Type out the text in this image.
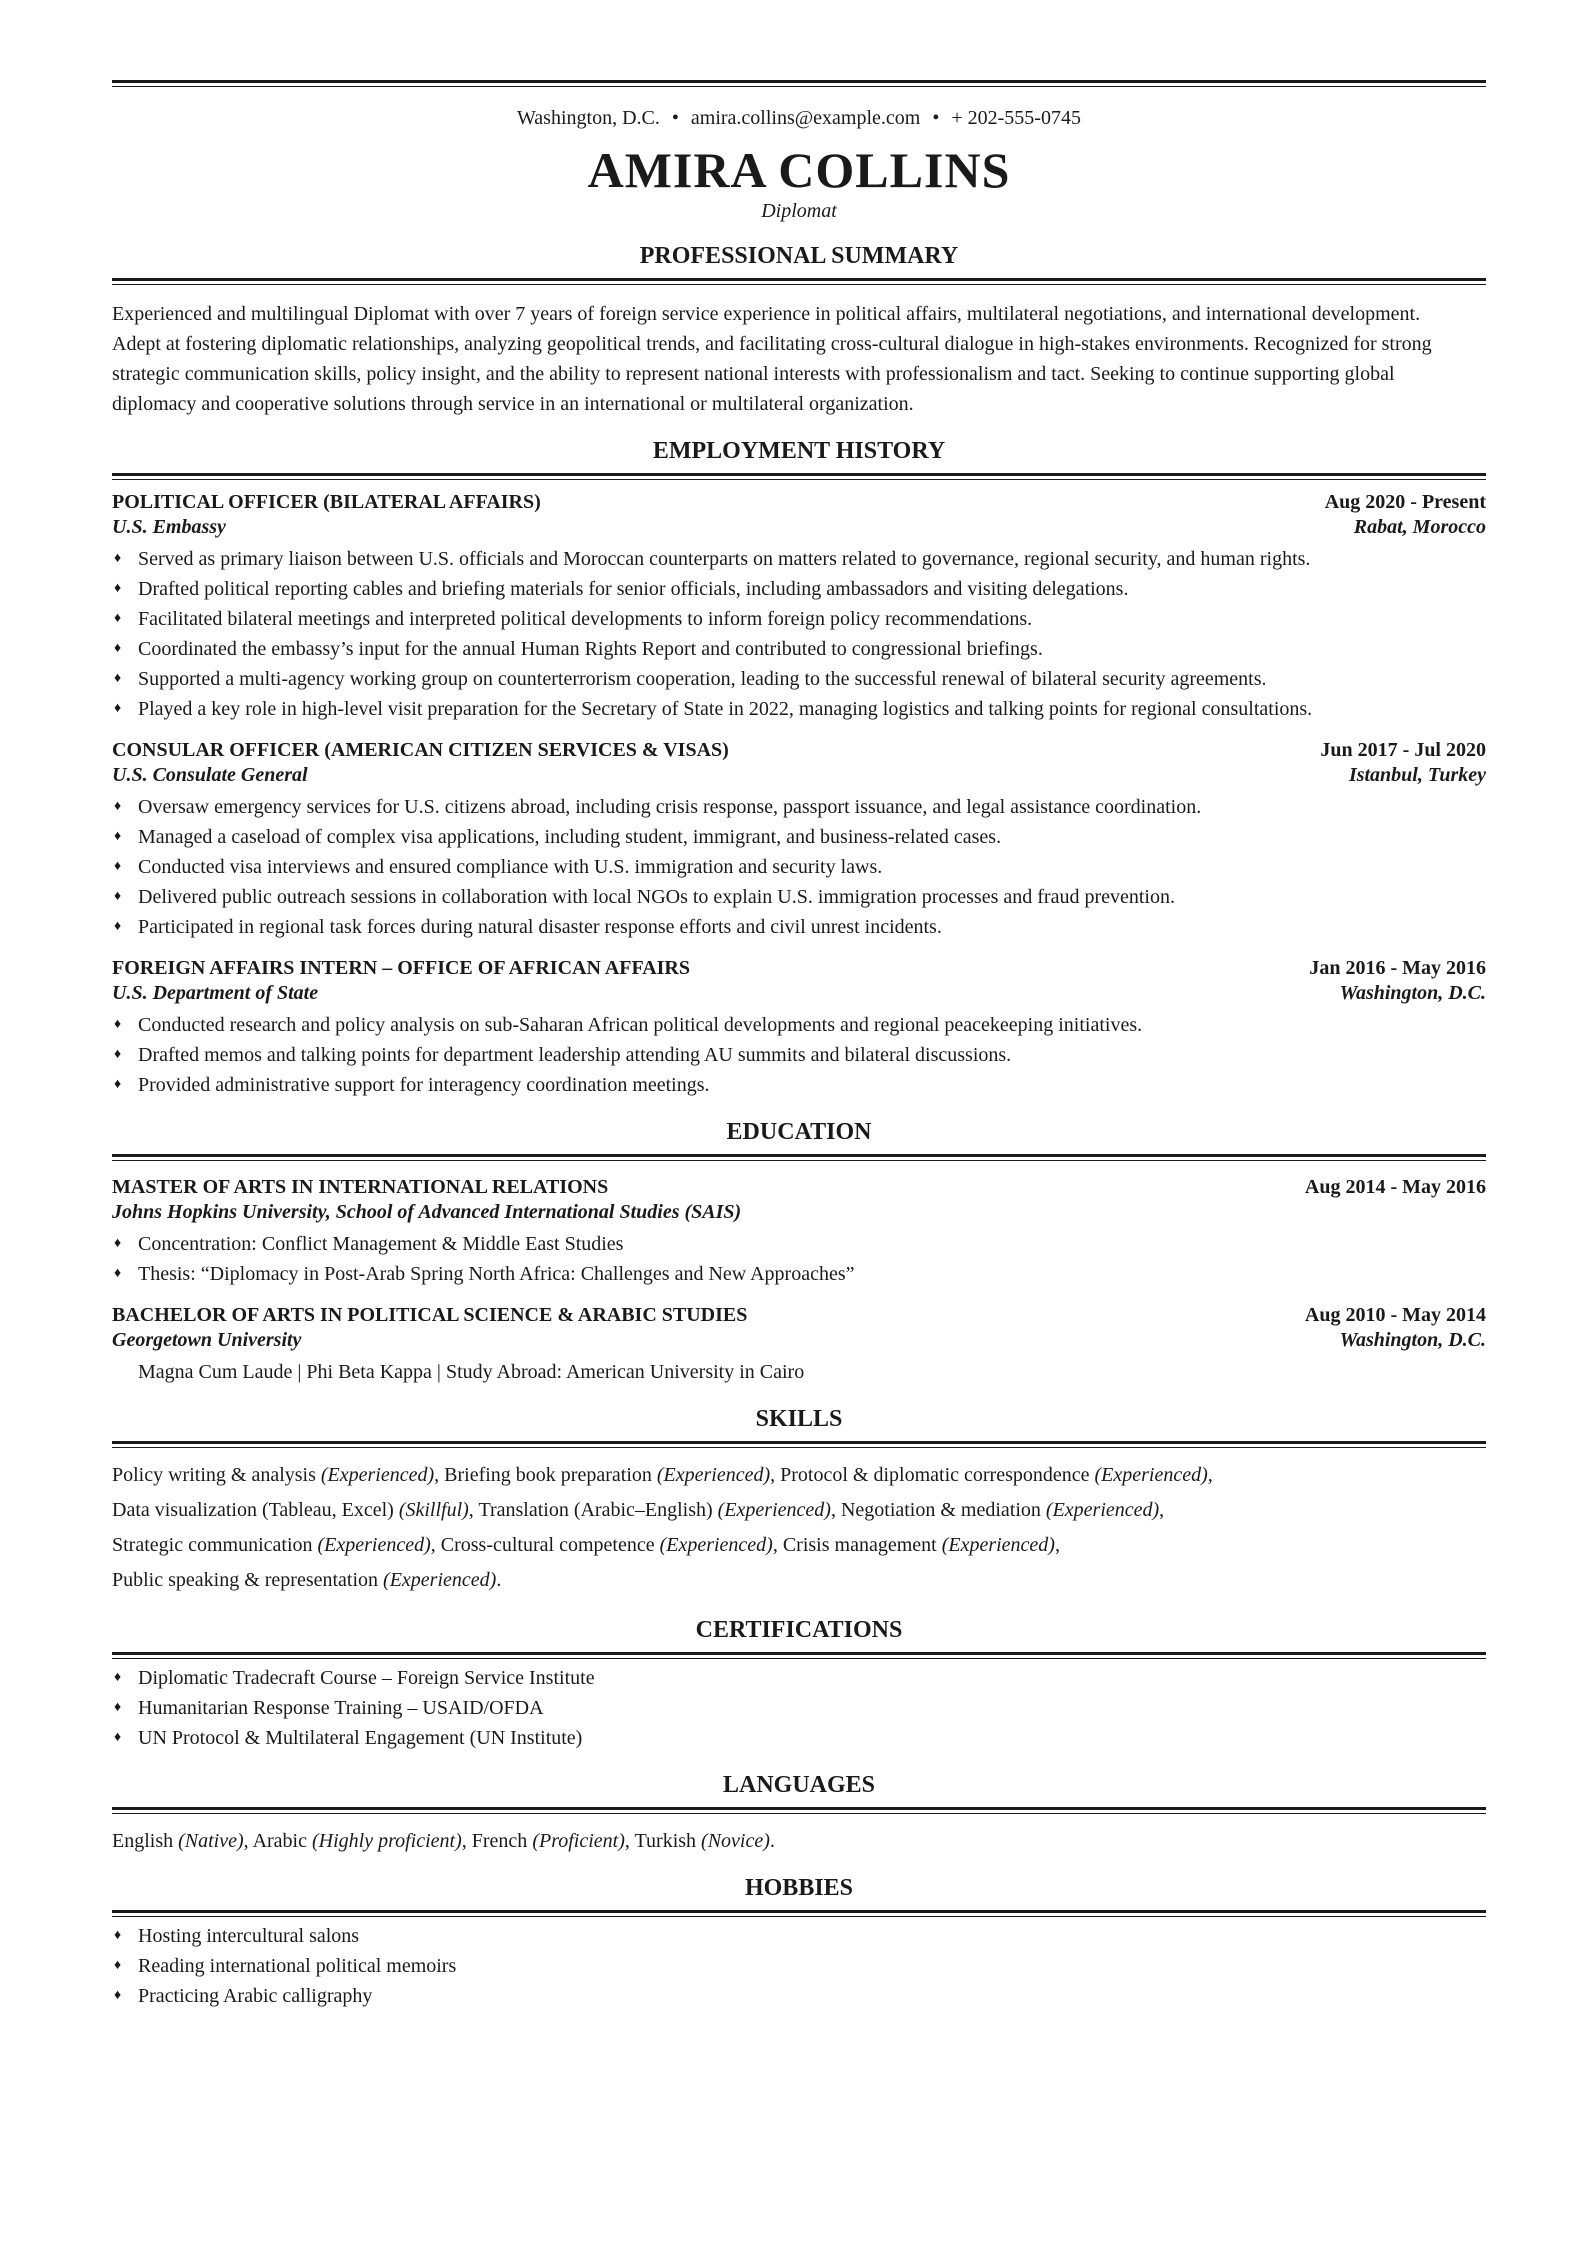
Washington, D.C. • amira.collins@example.com • + 202-555-0745
AMIRA COLLINS
Diplomat
PROFESSIONAL SUMMARY
Experienced and multilingual Diplomat with over 7 years of foreign service experience in political affairs, multilateral negotiations, and international development.
Adept at fostering diplomatic relationships, analyzing geopolitical trends, and facilitating cross-cultural dialogue in high-stakes environments. Recognized for strong
strategic communication skills, policy insight, and the ability to represent national interests with professionalism and tact. Seeking to continue supporting global
diplomacy and cooperative solutions through service in an international or multilateral organization.
EMPLOYMENT HISTORY
POLITICAL OFFICER (BILATERAL AFFAIRS)	Aug 2020 - Present
U.S. Embassy	Rabat, Morocco
♦ Served as primary liaison between U.S. officials and Moroccan counterparts on matters related to governance, regional security, and human rights.
♦ Drafted political reporting cables and briefing materials for senior officials, including ambassadors and visiting delegations.
♦ Facilitated bilateral meetings and interpreted political developments to inform foreign policy recommendations.
♦ Coordinated the embassy’s input for the annual Human Rights Report and contributed to congressional briefings.
♦ Supported a multi-agency working group on counterterrorism cooperation, leading to the successful renewal of bilateral security agreements.
♦ Played a key role in high-level visit preparation for the Secretary of State in 2022, managing logistics and talking points for regional consultations.
CONSULAR OFFICER (AMERICAN CITIZEN SERVICES & VISAS)	Jun 2017 - Jul 2020
U.S. Consulate General	Istanbul, Turkey
♦ Oversaw emergency services for U.S. citizens abroad, including crisis response, passport issuance, and legal assistance coordination.
♦ Managed a caseload of complex visa applications, including student, immigrant, and business-related cases.
♦ Conducted visa interviews and ensured compliance with U.S. immigration and security laws.
♦ Delivered public outreach sessions in collaboration with local NGOs to explain U.S. immigration processes and fraud prevention.
♦ Participated in regional task forces during natural disaster response efforts and civil unrest incidents.
FOREIGN AFFAIRS INTERN – OFFICE OF AFRICAN AFFAIRS	Jan 2016 - May 2016
U.S. Department of State	Washington, D.C.
♦ Conducted research and policy analysis on sub-Saharan African political developments and regional peacekeeping initiatives.
♦ Drafted memos and talking points for department leadership attending AU summits and bilateral discussions.
♦ Provided administrative support for interagency coordination meetings.
EDUCATION
MASTER OF ARTS IN INTERNATIONAL RELATIONS	Aug 2014 - May 2016
Johns Hopkins University, School of Advanced International Studies (SAIS)
♦ Concentration: Conflict Management & Middle East Studies
♦ Thesis: “Diplomacy in Post-Arab Spring North Africa: Challenges and New Approaches”
BACHELOR OF ARTS IN POLITICAL SCIENCE & ARABIC STUDIES	Aug 2010 - May 2014
Georgetown University	Washington, D.C.
Magna Cum Laude | Phi Beta Kappa | Study Abroad: American University in Cairo
SKILLS
Policy writing & analysis (Experienced), Briefing book preparation (Experienced), Protocol & diplomatic correspondence (Experienced),
Data visualization (Tableau, Excel) (Skillful), Translation (Arabic–English) (Experienced), Negotiation & mediation (Experienced),
Strategic communication (Experienced), Cross-cultural competence (Experienced), Crisis management (Experienced),
Public speaking & representation (Experienced).
CERTIFICATIONS
♦ Diplomatic Tradecraft Course – Foreign Service Institute
♦ Humanitarian Response Training – USAID/OFDA
♦ UN Protocol & Multilateral Engagement (UN Institute)
LANGUAGES
English (Native), Arabic (Highly proficient), French (Proficient), Turkish (Novice).
HOBBIES
♦ Hosting intercultural salons
♦ Reading international political memoirs
♦ Practicing Arabic calligraphy
